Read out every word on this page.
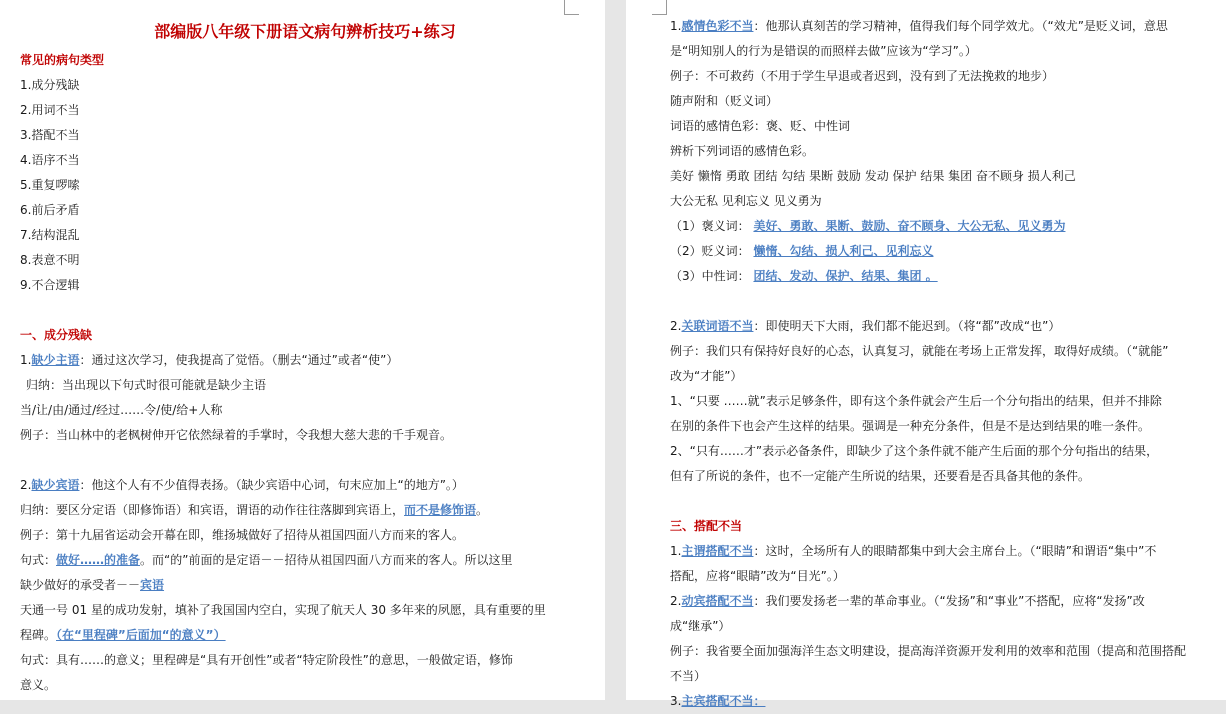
部编版八年级下册语文病句辨析技巧+练习
常见的病句类型
1.成分残缺
2.用词不当
3.搭配不当
4.语序不当
5.重复啰嗦
6.前后矛盾
7.结构混乱
8.表意不明
9.不合逻辑
一、成分残缺
1.缺少主语：通过这次学习，使我提高了觉悟。（删去“通过”或者“使”）
归纳：当出现以下句式时很可能就是缺少主语
当/让/由/通过/经过……令/使/给+人称
例子：当山林中的老枫树伸开它依然绿着的手掌时，令我想大慈大悲的千手观音。
2.缺少宾语：他这个人有不少值得表扬。（缺少宾语中心词，句末应加上“的地方”。）
归纳：要区分定语（即修饰语）和宾语，谓语的动作往往落脚到宾语上，而不是修饰语。
例子：第十九届省运动会开幕在即，维扬城做好了招待从祖国四面八方而来的客人。
句式：做好……的准备。而“的”前面的是定语－－招待从祖国四面八方而来的客人。所以这里
缺少做好的承受者－－宾语
天通一号 01 星的成功发射，填补了我国国内空白，实现了航天人 30 多年来的夙愿，具有重要的里
程碑。（在“里程碑”后面加“的意义”）
句式：具有……的意义；里程碑是“具有开创性”或者“特定阶段性”的意思，一般做定语，修饰
意义。
1.感情色彩不当：他那认真刻苦的学习精神，值得我们每个同学效尤。（“效尤”是贬义词，意思
是“明知别人的行为是错误的而照样去做”应该为“学习”。）
例子：不可救药（不用于学生早退或者迟到，没有到了无法挽救的地步）
随声附和（贬义词）
词语的感情色彩：褒、贬、中性词
辨析下列词语的感情色彩。
美好 懒惰 勇敢 团结 勾结 果断 鼓励 发动 保护 结果 集团 奋不顾身 损人利己
大公无私 见利忘义 见义勇为
（1）褒义词： 美好、勇敢、果断、鼓励、奋不顾身、大公无私、见义勇为
（2）贬义词： 懒惰、勾结、损人利己、见利忘义
（3）中性词： 团结、发动、保护、结果、集团 。
2.关联词语不当：即使明天下大雨，我们都不能迟到。（将“都”改成“也”）
例子：我们只有保持好良好的心态，认真复习，就能在考场上正常发挥，取得好成绩。（“就能”
改为“才能”）
1、“只要 ……就”表示足够条件，即有这个条件就会产生后一个分句指出的结果，但并不排除
在别的条件下也会产生这样的结果。强调是一种充分条件，但是不是达到结果的唯一条件。
2、“只有……才”表示必备条件，即缺少了这个条件就不能产生后面的那个分句指出的结果，
但有了所说的条件，也不一定能产生所说的结果，还要看是否具备其他的条件。
三、搭配不当
1.主谓搭配不当：这时，全场所有人的眼睛都集中到大会主席台上。（“眼睛”和谓语“集中”不
搭配，应将“眼睛”改为“目光”。）
2.动宾搭配不当：我们要发扬老一辈的革命事业。（“发扬”和“事业”不搭配，应将“发扬”改
成“继承”）
例子：我省要全面加强海洋生态文明建设，提高海洋资源开发利用的效率和范围（提高和范围搭配
不当）
3.主宾搭配不当：
